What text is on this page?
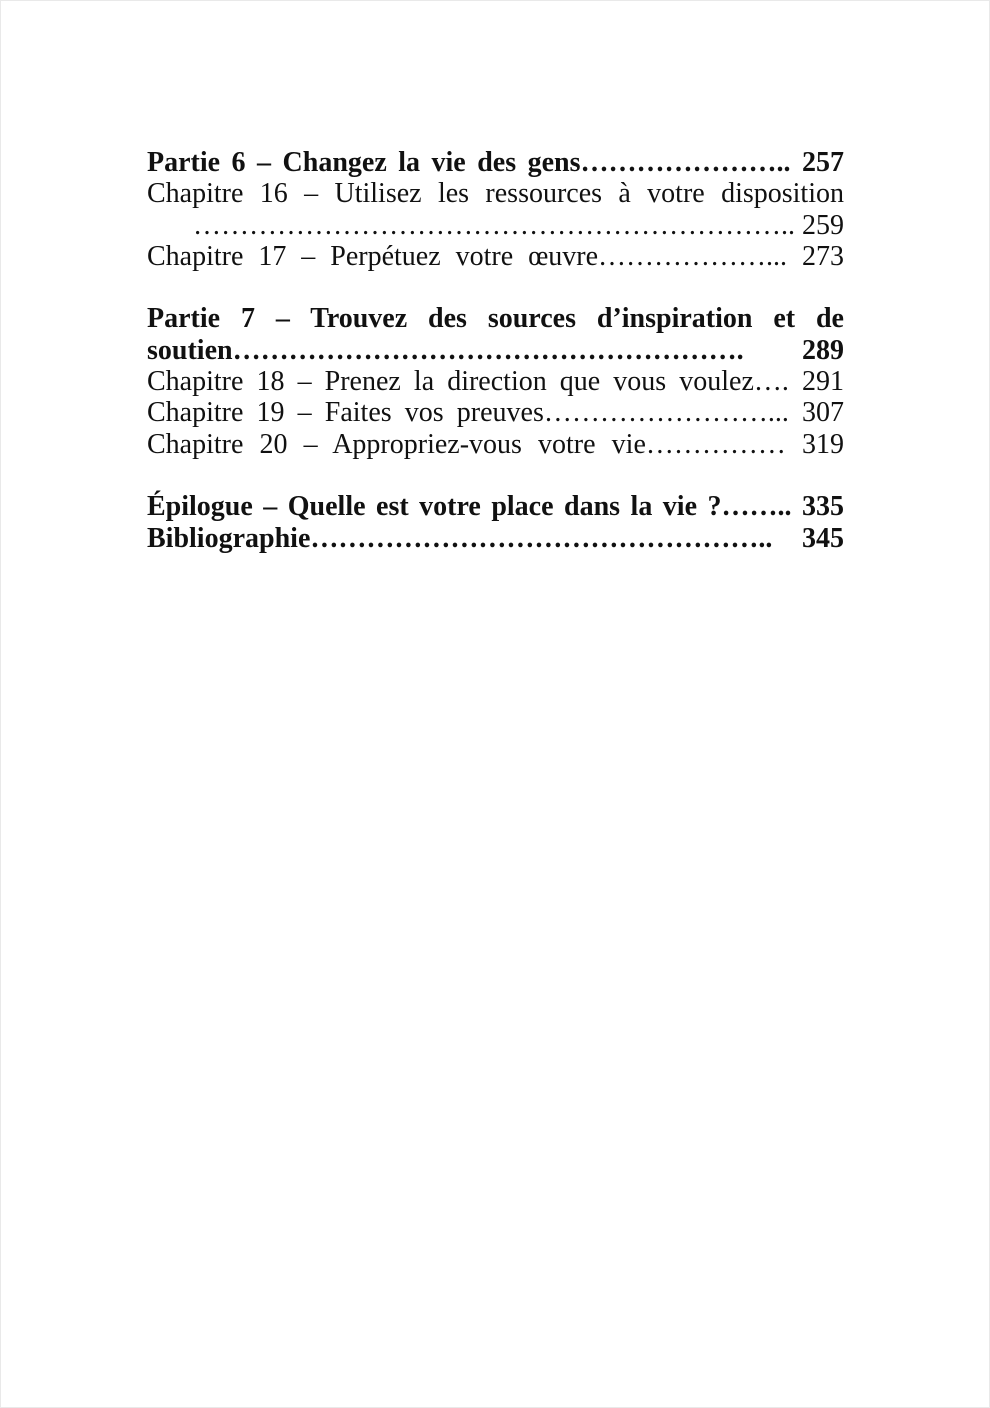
Partie 6 – Changez la vie des gens………………….. 257
Chapitre 16 – Utilisez les ressources à votre disposition
……………………………………………………….. 259
Chapitre 17 – Perpétuez votre œuvre………………... 273
Partie 7 – Trouvez des sources d’inspiration et de
soutien………………………………………………. 289
Chapitre 18 – Prenez la direction que vous voulez…. 291
Chapitre 19 – Faites vos preuves……………………... 307
Chapitre 20 – Appropriez-vous votre vie…………… 319
Épilogue – Quelle est votre place dans la vie ?…….. 335
Bibliographie………………………………………….. 345
